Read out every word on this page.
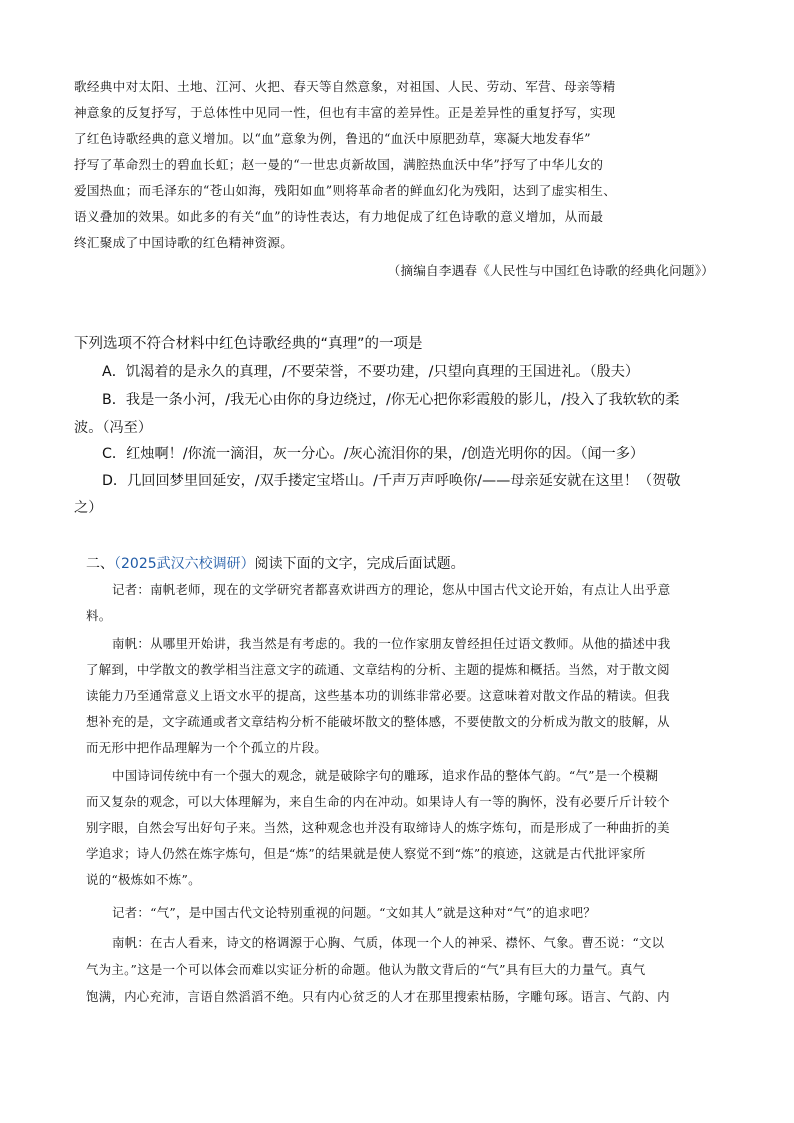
歌经典中对太阳、土地、江河、火把、春天等自然意象，对祖国、人民、劳动、军营、母亲等精
神意象的反复抒写，于总体性中见同一性，但也有丰富的差异性。正是差异性的重复抒写，实现
了红色诗歌经典的意义增加。以“血”意象为例，鲁迅的“血沃中原肥劲草，寒凝大地发春华”
抒写了革命烈士的碧血长虹；赵一曼的“一世忠贞新故国，满腔热血沃中华”抒写了中华儿女的
爱国热血；而毛泽东的“苍山如海，残阳如血”则将革命者的鲜血幻化为残阳，达到了虚实相生、
语义叠加的效果。如此多的有关“血”的诗性表达，有力地促成了红色诗歌的意义增加，从而最
终汇聚成了中国诗歌的红色精神资源。
（摘编自李遇春《人民性与中国红色诗歌的经典化问题》）
下列选项不符合材料中红色诗歌经典的“真理”的一项是
A．饥渴着的是永久的真理，/不要荣誉，不要功建，/只望向真理的王国进礼。（殷夫）
B．我是一条小河，/我无心由你的身边绕过，/你无心把你彩霞般的影儿，/投入了我软软的柔
波。（冯至）
C．红烛啊！/你流一滴泪，灰一分心。/灰心流泪你的果，/创造光明你的因。（闻一多）
D．几回回梦里回延安，/双手搂定宝塔山。/千声万声呼唤你/——母亲延安就在这里！（贺敬
之）
二、（2025武汉六校调研）阅读下面的文字，完成后面试题。
记者：南帆老师，现在的文学研究者都喜欢讲西方的理论，您从中国古代文论开始，有点让人出乎意
料。
南帆：从哪里开始讲，我当然是有考虑的。我的一位作家朋友曾经担任过语文教师。从他的描述中我
了解到，中学散文的教学相当注意文字的疏通、文章结构的分析、主题的提炼和概括。当然，对于散文阅
读能力乃至通常意义上语文水平的提高，这些基本功的训练非常必要。这意味着对散文作品的精读。但我
想补充的是，文字疏通或者文章结构分析不能破坏散文的整体感，不要使散文的分析成为散文的肢解，从
而无形中把作品理解为一个个孤立的片段。
中国诗词传统中有一个强大的观念，就是破除字句的雕琢，追求作品的整体气韵。“气”是一个模糊
而又复杂的观念，可以大体理解为，来自生命的内在冲动。如果诗人有一等的胸怀，没有必要斤斤计较个
别字眼，自然会写出好句子来。当然，这种观念也并没有取缔诗人的炼字炼句，而是形成了一种曲折的美
学追求；诗人仍然在炼字炼句，但是“炼”的结果就是使人察觉不到“炼”的痕迹，这就是古代批评家所
说的“极炼如不炼”。
记者：“气”，是中国古代文论特别重视的问题。“文如其人”就是这种对“气”的追求吧？
南帆：在古人看来，诗文的格调源于心胸、气质，体现一个人的神采、襟怀、气象。曹丕说：“文以
气为主。”这是一个可以体会而难以实证分析的命题。他认为散文背后的“气”具有巨大的力量气。真气
饱满，内心充沛，言语自然滔滔不绝。只有内心贫乏的人才在那里搜索枯肠，字雕句琢。语言、气韵、内
